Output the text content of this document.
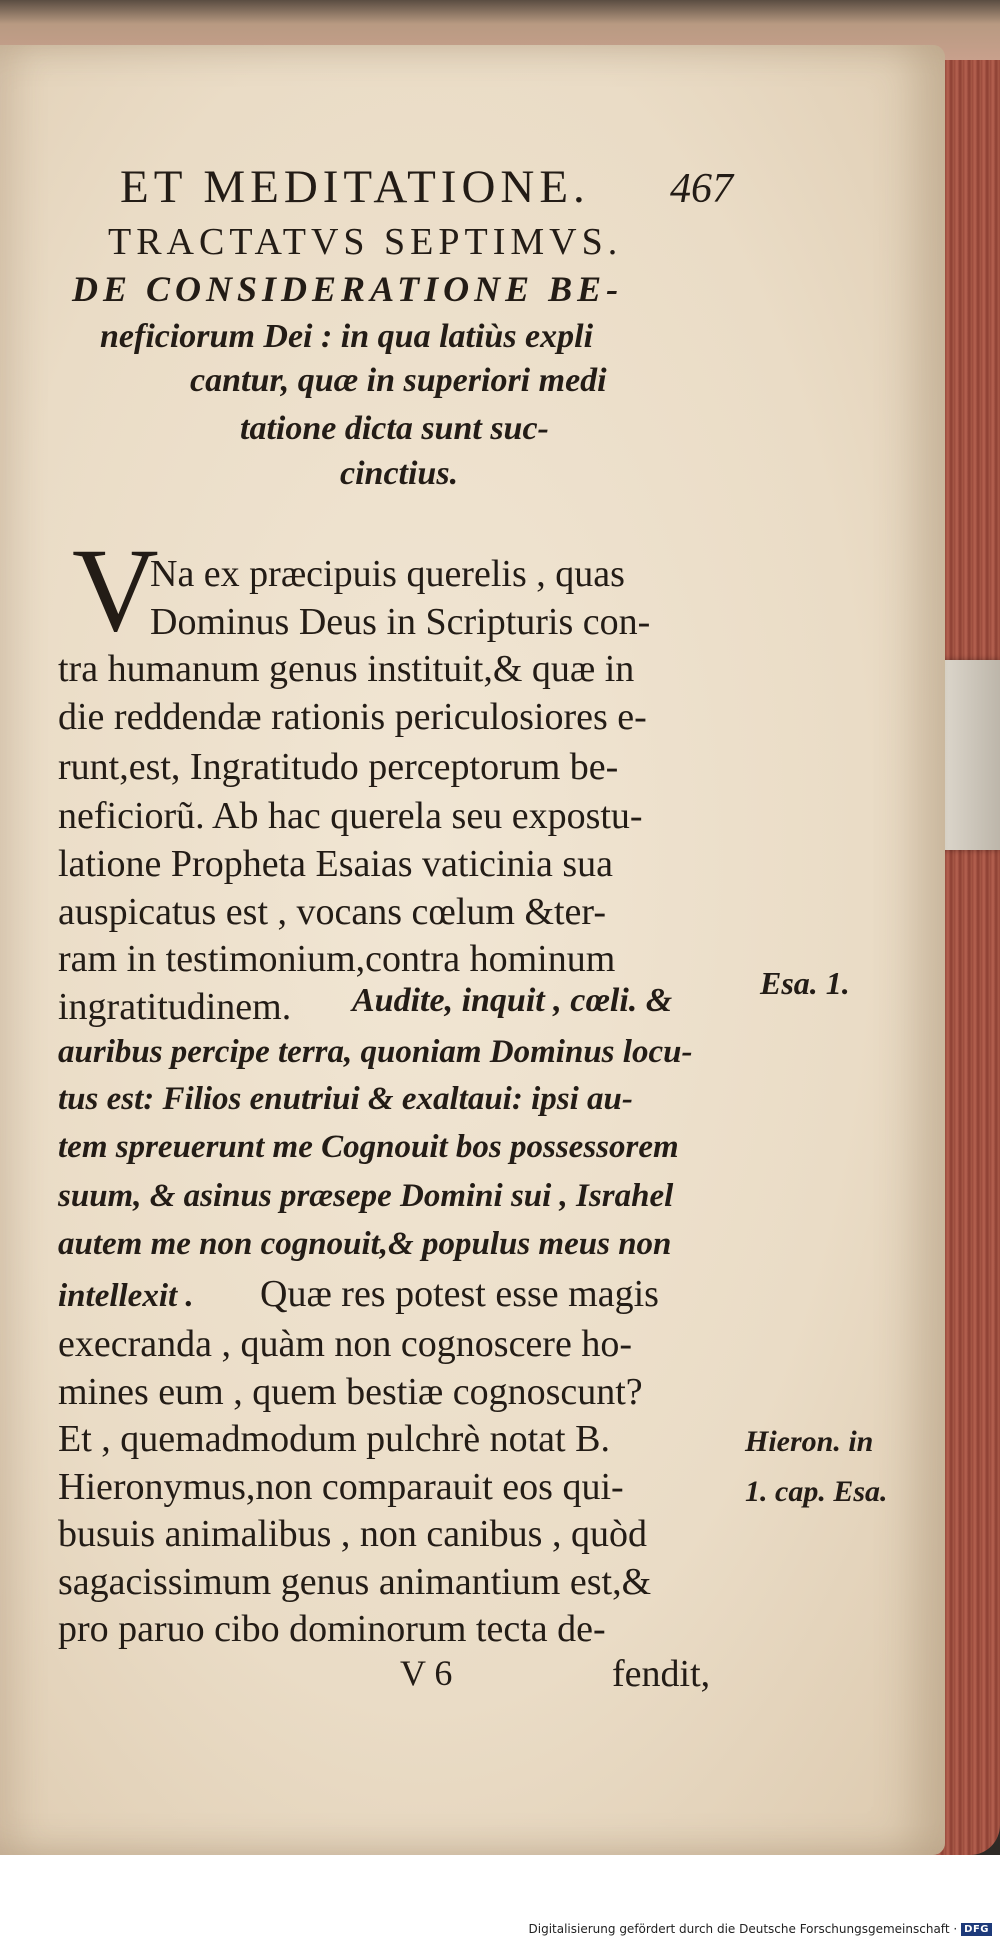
ET MEDITATIONE.	467
TRACTATVS SEPTIMVS.
DE CONSIDERATIONE BE-
neficiorum Dei : in qua latiùs expli
cantur, quæ in superiori medi
tatione dicta sunt suc-
cinctius.
V
Na ex præcipuis querelis , quas
Dominus Deus in Scripturis con-
tra humanum genus instituit,& quæ in
die reddendæ rationis periculosiores e-
runt,est, Ingratitudo perceptorum be-
neficiorũ. Ab hac querela seu expostu-
latione Propheta Esaias vaticinia sua
auspicatus est , vocans cœlum &ter-
ram in testimonium,contra hominum
ingratitudinem. Audite, inquit , cœli. &
auribus percipe terra, quoniam Dominus locu-
tus est: Filios enutriui & exaltaui: ipsi au-
tem spreuerunt me Cognouit bos possessorem
suum, & asinus præsepe Domini sui , Israhel
autem me non cognouit,& populus meus non
intellexit . Quæ res potest esse magis
execranda , quàm non cognoscere ho-
mines eum , quem bestiæ cognoscunt?
Et , quemadmodum pulchrè notat B.
Hieronymus,non comparauit eos qui-
busuis animalibus , non canibus , quòd
sagacissimum genus animantium est,&
pro paruo cibo dominorum tecta de-
V 6	fendit,
Esa. 1.
Hieron. in
1. cap. Esa.
Digitalisierung gefördert durch die Deutsche Forschungsgemeinschaft · DFG
